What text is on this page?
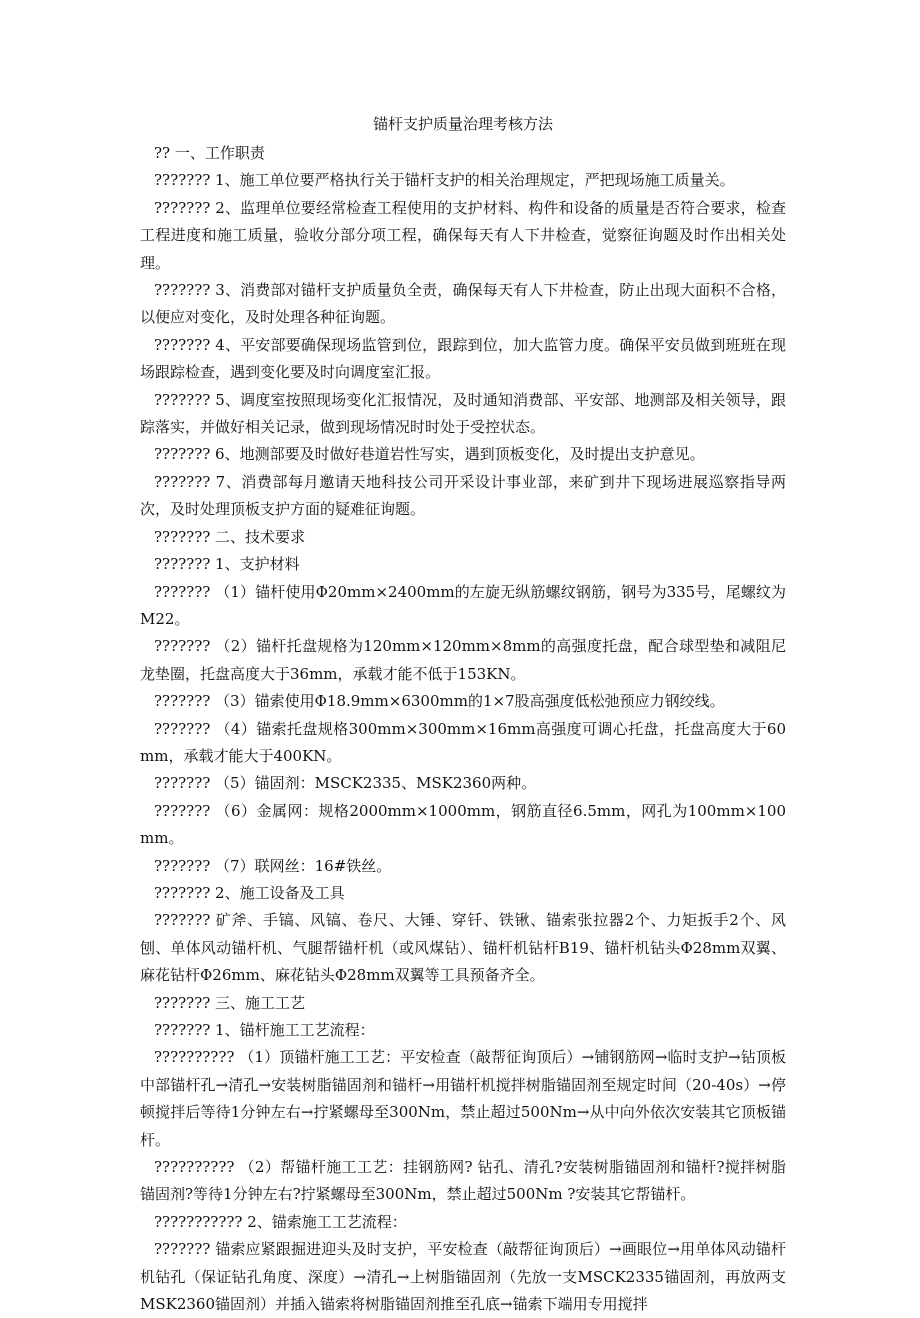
锚杆支护质量治理考核方法

?? 一、工作职责

??????? 1、施工单位要严格执行关于锚杆支护的相关治理规定，严把现场施工质量关。

??????? 2、监理单位要经常检查工程使用的支护材料、构件和设备的质量是否符合要求，检查工程进度和施工质量，验收分部分项工程，确保每天有人下井检查，觉察征询题及时作出相关处理。

??????? 3、消费部对锚杆支护质量负全责，确保每天有人下井检查，防止出现大面积不合格，以便应对变化，及时处理各种征询题。

??????? 4、平安部要确保现场监管到位，跟踪到位，加大监管力度。确保平安员做到班班在现场跟踪检查，遇到变化要及时向调度室汇报。

??????? 5、调度室按照现场变化汇报情况，及时通知消费部、平安部、地测部及相关领导，跟踪落实，并做好相关记录，做到现场情况时时处于受控状态。

??????? 6、地测部要及时做好巷道岩性写实，遇到顶板变化，及时提出支护意见。

??????? 7、消费部每月邀请天地科技公司开采设计事业部，来矿到井下现场进展巡察指导两次，及时处理顶板支护方面的疑难征询题。

??????? 二、技术要求

??????? 1、支护材料

??????? （1）锚杆使用Φ20mm×2400mm的左旋无纵筋螺纹钢筋，钢号为335号，尾螺纹为M22。

??????? （2）锚杆托盘规格为120mm×120mm×8mm的高强度托盘，配合球型垫和减阻尼龙垫圈，托盘高度大于36mm，承载才能不低于153KN。

??????? （3）锚索使用Φ18.9mm×6300mm的1×7股高强度低松弛预应力钢绞线。

??????? （4）锚索托盘规格300mm×300mm×16mm高强度可调心托盘，托盘高度大于60mm，承载才能大于400KN。

??????? （5）锚固剂：MSCK2335、MSK2360两种。

??????? （6）金属网：规格2000mm×1000mm，钢筋直径6.5mm，网孔为100mm×100mm。

??????? （7）联网丝：16#铁丝。

??????? 2、施工设备及工具

??????? 矿斧、手镐、风镐、卷尺、大锤、穿钎、铁锹、锚索张拉器2个、力矩扳手2个、风刨、单体风动锚杆机、气腿帮锚杆机（或风煤钻）、锚杆机钻杆B19、锚杆机钻头Φ28mm双翼、麻花钻杆Φ26mm、麻花钻头Φ28mm双翼等工具预备齐全。

??????? 三、施工工艺

??????? 1、锚杆施工工艺流程：

?????????? （1）顶锚杆施工工艺：平安检查（敲帮征询顶后）→铺钢筋网→临时支护→钻顶板中部锚杆孔→清孔→安装树脂锚固剂和锚杆→用锚杆机搅拌树脂锚固剂至规定时间（20-40s）→停顿搅拌后等待1分钟左右→拧紧螺母至300Nm，禁止超过500Nm→从中向外依次安装其它顶板锚杆。

?????????? （2）帮锚杆施工工艺：挂钢筋网? 钻孔、清孔?安装树脂锚固剂和锚杆?搅拌树脂锚固剂?等待1分钟左右?拧紧螺母至300Nm，禁止超过500Nm ?安装其它帮锚杆。

??????????? 2、锚索施工工艺流程：

??????? 锚索应紧跟掘进迎头及时支护，平安检查（敲帮征询顶后）→画眼位→用单体风动锚杆机钻孔（保证钻孔角度、深度）→清孔→上树脂锚固剂（先放一支MSCK2335锚固剂，再放两支MSK2360锚固剂）并插入锚索将树脂锚固剂推至孔底→锚索下端用专用搅拌
